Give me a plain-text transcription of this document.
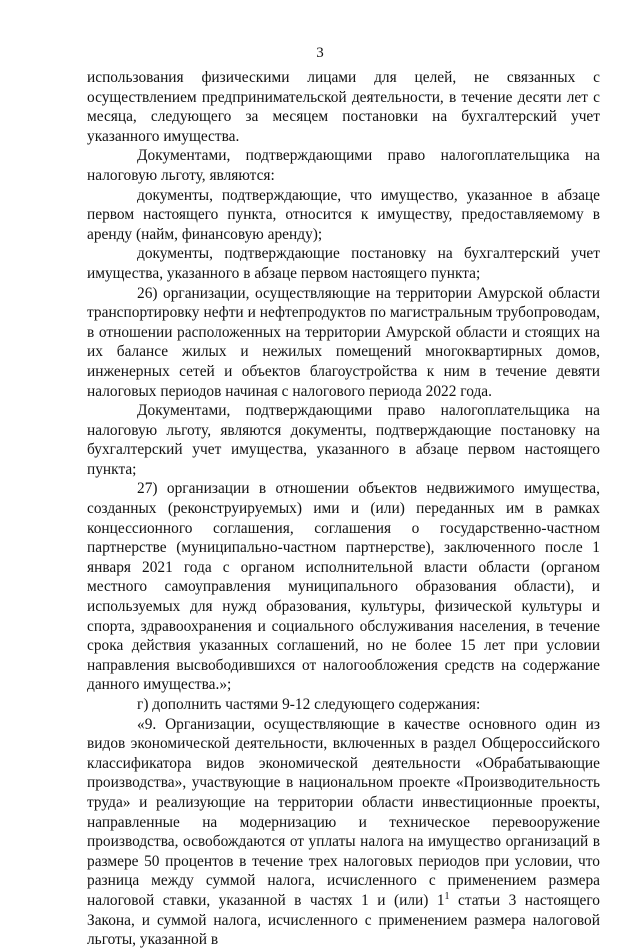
3

использования физическими лицами для целей, не связанных с осуществлением предпринимательской деятельности, в течение десяти лет с месяца, следующего за месяцем постановки на бухгалтерский учет указанного имущества.

Документами, подтверждающими право налогоплательщика на налоговую льготу, являются:

документы, подтверждающие, что имущество, указанное в абзаце первом настоящего пункта, относится к имуществу, предоставляемому в аренду (найм, финансовую аренду);

документы, подтверждающие постановку на бухгалтерский учет имущества, указанного в абзаце первом настоящего пункта;

26) организации, осуществляющие на территории Амурской области транспортировку нефти и нефтепродуктов по магистральным трубопроводам, в отношении расположенных на территории Амурской области и стоящих на их балансе жилых и нежилых помещений многоквартирных домов, инженерных сетей и объектов благоустройства к ним в течение девяти налоговых периодов начиная с налогового периода 2022 года.

Документами, подтверждающими право налогоплательщика на налоговую льготу, являются документы, подтверждающие постановку на бухгалтерский учет имущества, указанного в абзаце первом настоящего пункта;

27) организации в отношении объектов недвижимого имущества, созданных (реконструируемых) ими и (или) переданных им в рамках концессионного соглашения, соглашения о государственно-частном партнерстве (муниципально-частном партнерстве), заключенного после 1 января 2021 года с органом исполнительной власти области (органом местного самоуправления муниципального образования области), и используемых для нужд образования, культуры, физической культуры и спорта, здравоохранения и социального обслуживания населения, в течение срока действия указанных соглашений, но не более 15 лет при условии направления высвободившихся от налогообложения средств на содержание данного имущества.»;

г) дополнить частями 9-12 следующего содержания:

«9. Организации, осуществляющие в качестве основного один из видов экономической деятельности, включенных в раздел Общероссийского классификатора видов экономической деятельности «Обрабатывающие производства», участвующие в национальном проекте «Производительность труда» и реализующие на территории области инвестиционные проекты, направленные на модернизацию и техническое перевооружение производства, освобождаются от уплаты налога на имущество организаций в размере 50 процентов в течение трех налоговых периодов при условии, что разница между суммой налога, исчисленного с применением размера налоговой ставки, указанной в частях 1 и (или) $1^1$ статьи 3 настоящего Закона, и суммой налога, исчисленного с применением размера налоговой льготы, указанной в
